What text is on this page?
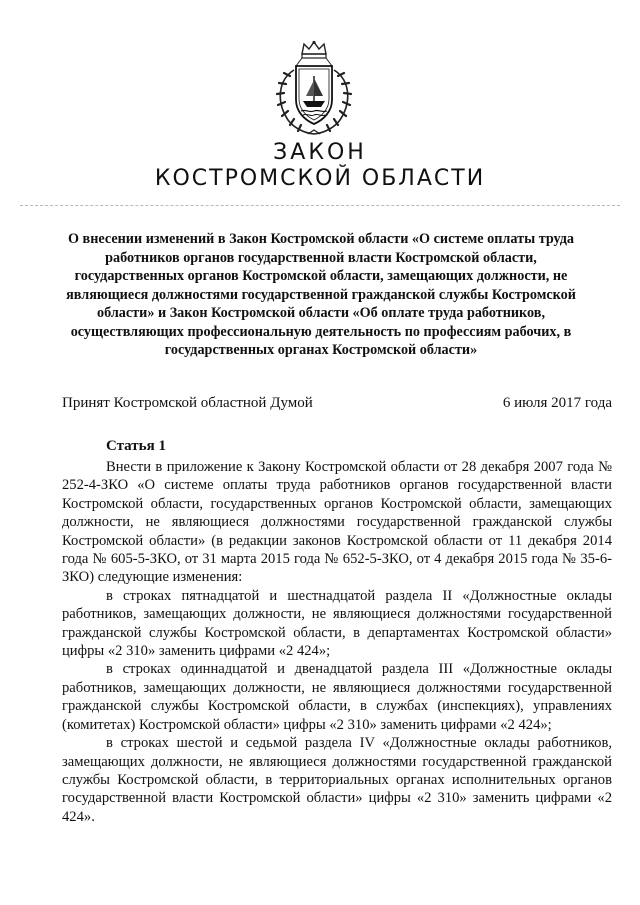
ЗАКОН
КОСТРОМСКОЙ ОБЛАСТИ
О внесении изменений в Закон Костромской области «О системе оплаты труда работников органов государственной власти Костромской области, государственных органов Костромской области, замещающих должности, не являющиеся должностями государственной гражданской службы Костромской области» и Закон Костромской области «Об оплате труда работников, осуществляющих профессиональную деятельность по профессиям рабочих, в государственных органах Костромской области»
Принят Костромской областной Думой	6 июля 2017 года
Статья 1

Внести в приложение к Закону Костромской области от 28 декабря 2007 года № 252-4-ЗКО «О системе оплаты труда работников органов государственной власти Костромской области, государственных органов Костромской области, замещающих должности, не являющиеся должностями государственной гражданской службы Костромской области» (в редакции законов Костромской области от 11 декабря 2014 года № 605-5-ЗКО, от 31 марта 2015 года № 652-5-ЗКО, от 4 декабря 2015 года № 35-6-ЗКО) следующие изменения:

в строках пятнадцатой и шестнадцатой раздела II «Должностные оклады работников, замещающих должности, не являющиеся должностями государственной гражданской службы Костромской области, в департаментах Костромской области» цифры «2 310» заменить цифрами «2 424»;

в строках одиннадцатой и двенадцатой раздела III «Должностные оклады работников, замещающих должности, не являющиеся должностями государственной гражданской службы Костромской области, в службах (инспекциях), управлениях (комитетах) Костромской области» цифры «2 310» заменить цифрами «2 424»;

в строках шестой и седьмой раздела IV «Должностные оклады работников, замещающих должности, не являющиеся должностями государственной гражданской службы Костромской области, в территориальных органах исполнительных органов государственной власти Костромской области» цифры «2 310» заменить цифрами «2 424».
